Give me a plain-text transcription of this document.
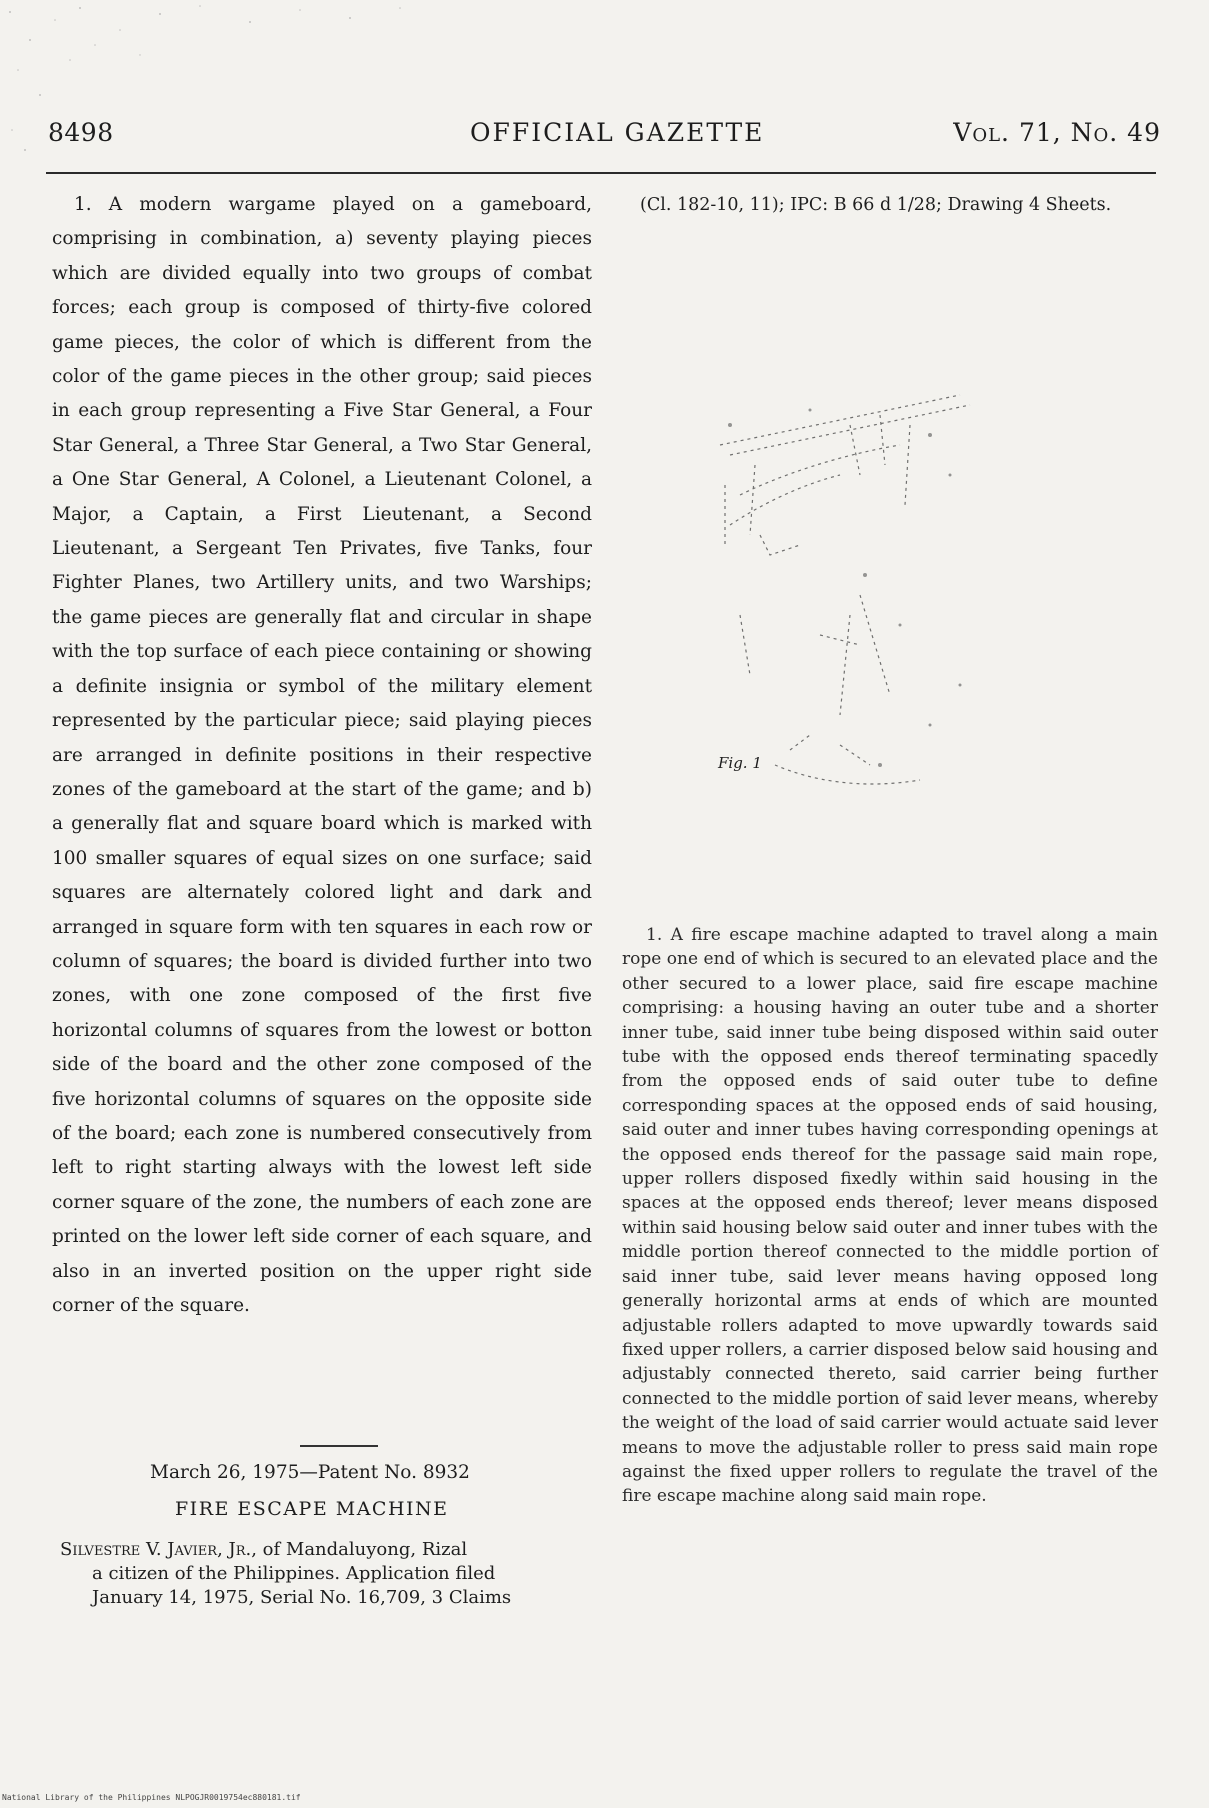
8498	OFFICIAL GAZETTE	Vol. 71, No. 49

1. A modern wargame played on a gameboard, comprising in combination, a) seventy playing pieces which are divided equally into two groups of combat forces; each group is composed of thirty-five colored game pieces, the color of which is different from the color of the game pieces in the other group; said pieces in each group representing a Five Star General, a Four Star General, a Three Star General, a Two Star General, a One Star General, A Colonel, a Lieutenant Colonel, a Major, a Captain, a First Lieutenant, a Second Lieutenant, a Sergeant Ten Privates, five Tanks, four Fighter Planes, two Artillery units, and two Warships; the game pieces are generally flat and circular in shape with the top surface of each piece containing or showing a definite insignia or symbol of the military element represented by the particular piece; said playing pieces are arranged in definite positions in their respective zones of the gameboard at the start of the game; and b) a generally flat and square board which is marked with 100 smaller squares of equal sizes on one surface; said squares are alternately colored light and dark and arranged in square form with ten squares in each row or column of squares; the board is divided further into two zones, with one zone composed of the first five horizontal columns of squares from the lowest or botton side of the board and the other zone composed of the five horizontal columns of squares on the opposite side of the board; each zone is numbered consecutively from left to right starting always with the lowest left side corner square of the zone, the numbers of each zone are printed on the lower left side corner of each square, and also in an inverted position on the upper right side corner of the square.

March 26, 1975—Patent No. 8932
FIRE ESCAPE MACHINE
Silvestre V. Javier, Jr., of Mandaluyong, Rizal
a citizen of the Philippines. Application filed
January 14, 1975, Serial No. 16,709, 3 Claims
(Cl. 182-10, 11); IPC: B 66 d 1/28; Drawing 4 Sheets.
Fig. 1

1. A fire escape machine adapted to travel along a main rope one end of which is secured to an elevated place and the other secured to a lower place, said fire escape machine comprising: a housing having an outer tube and a shorter inner tube, said inner tube being disposed within said outer tube with the opposed ends thereof terminating spacedly from the opposed ends of said outer tube to define corresponding spaces at the opposed ends of said housing, said outer and inner tubes having corresponding openings at the opposed ends thereof for the passage said main rope, upper rollers disposed fixedly within said housing in the spaces at the opposed ends thereof; lever means disposed within said housing below said outer and inner tubes with the middle portion thereof connected to the middle portion of said inner tube, said lever means having opposed long generally horizontal arms at ends of which are mounted adjustable rollers adapted to move upwardly towards said fixed upper rollers, a carrier disposed below said housing and adjustably connected thereto, said carrier being further connected to the middle portion of said lever means, whereby the weight of the load of said carrier would actuate said lever means to move the adjustable roller to press said main rope against the fixed upper rollers to regulate the travel of the fire escape machine along said main rope.

National Library of the Philippines NLPOGJR0019754ec880181.tif
